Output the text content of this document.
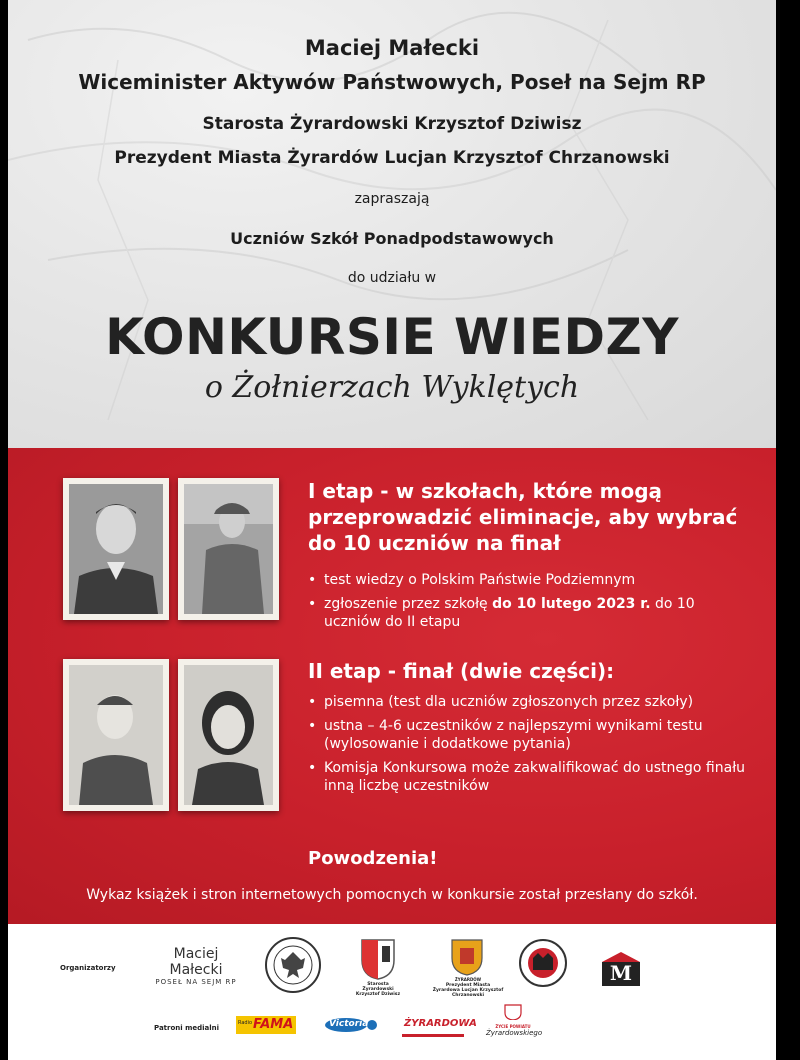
Maciej Małecki
Wiceminister Aktywów Państwowych, Poseł na Sejm RP
Starosta Żyrardowski Krzysztof Dziwisz
Prezydent Miasta Żyrardów Lucjan Krzysztof Chrzanowski
zapraszają
Uczniów Szkół Ponadpodstawowych
do udziału w
KONKURSIE WIEDZY
o Żołnierzach Wyklętych
I etap - w szkołach, które mogą przeprowadzić eliminacje, aby wybrać do 10 uczniów na finał
• test wiedzy o Polskim Państwie Podziemnym
• zgłoszenie przez szkołę do 10 lutego 2023 r. do 10 uczniów do II etapu
II etap - finał (dwie części):
• pisemna (test dla uczniów zgłoszonych przez szkoły)
• ustna – 4-6 uczestników z najlepszymi wynikami testu (wylosowanie i dodatkowe pytania)
• Komisja Konkursowa może zakwalifikować do ustnego finału inną liczbę uczestników
Powodzenia!
Wykaz książek i stron internetowych pomocnych w konkursie został przesłany do szkół.
Organizatorzy
Maciej Małecki
POSEŁ NA SEJM RP	Starosta Żyrardowski Krzysztof Dziwisz
ŻYRARDÓW
Prezydent Miasta Żyrardowa Lucjan Krzysztof Chrzanowski
M
Patroni medialni
Radio FAMA	Victoria	ŻYRARDOWA	ŻYCIE POWIATU
Żyrardowskiego
